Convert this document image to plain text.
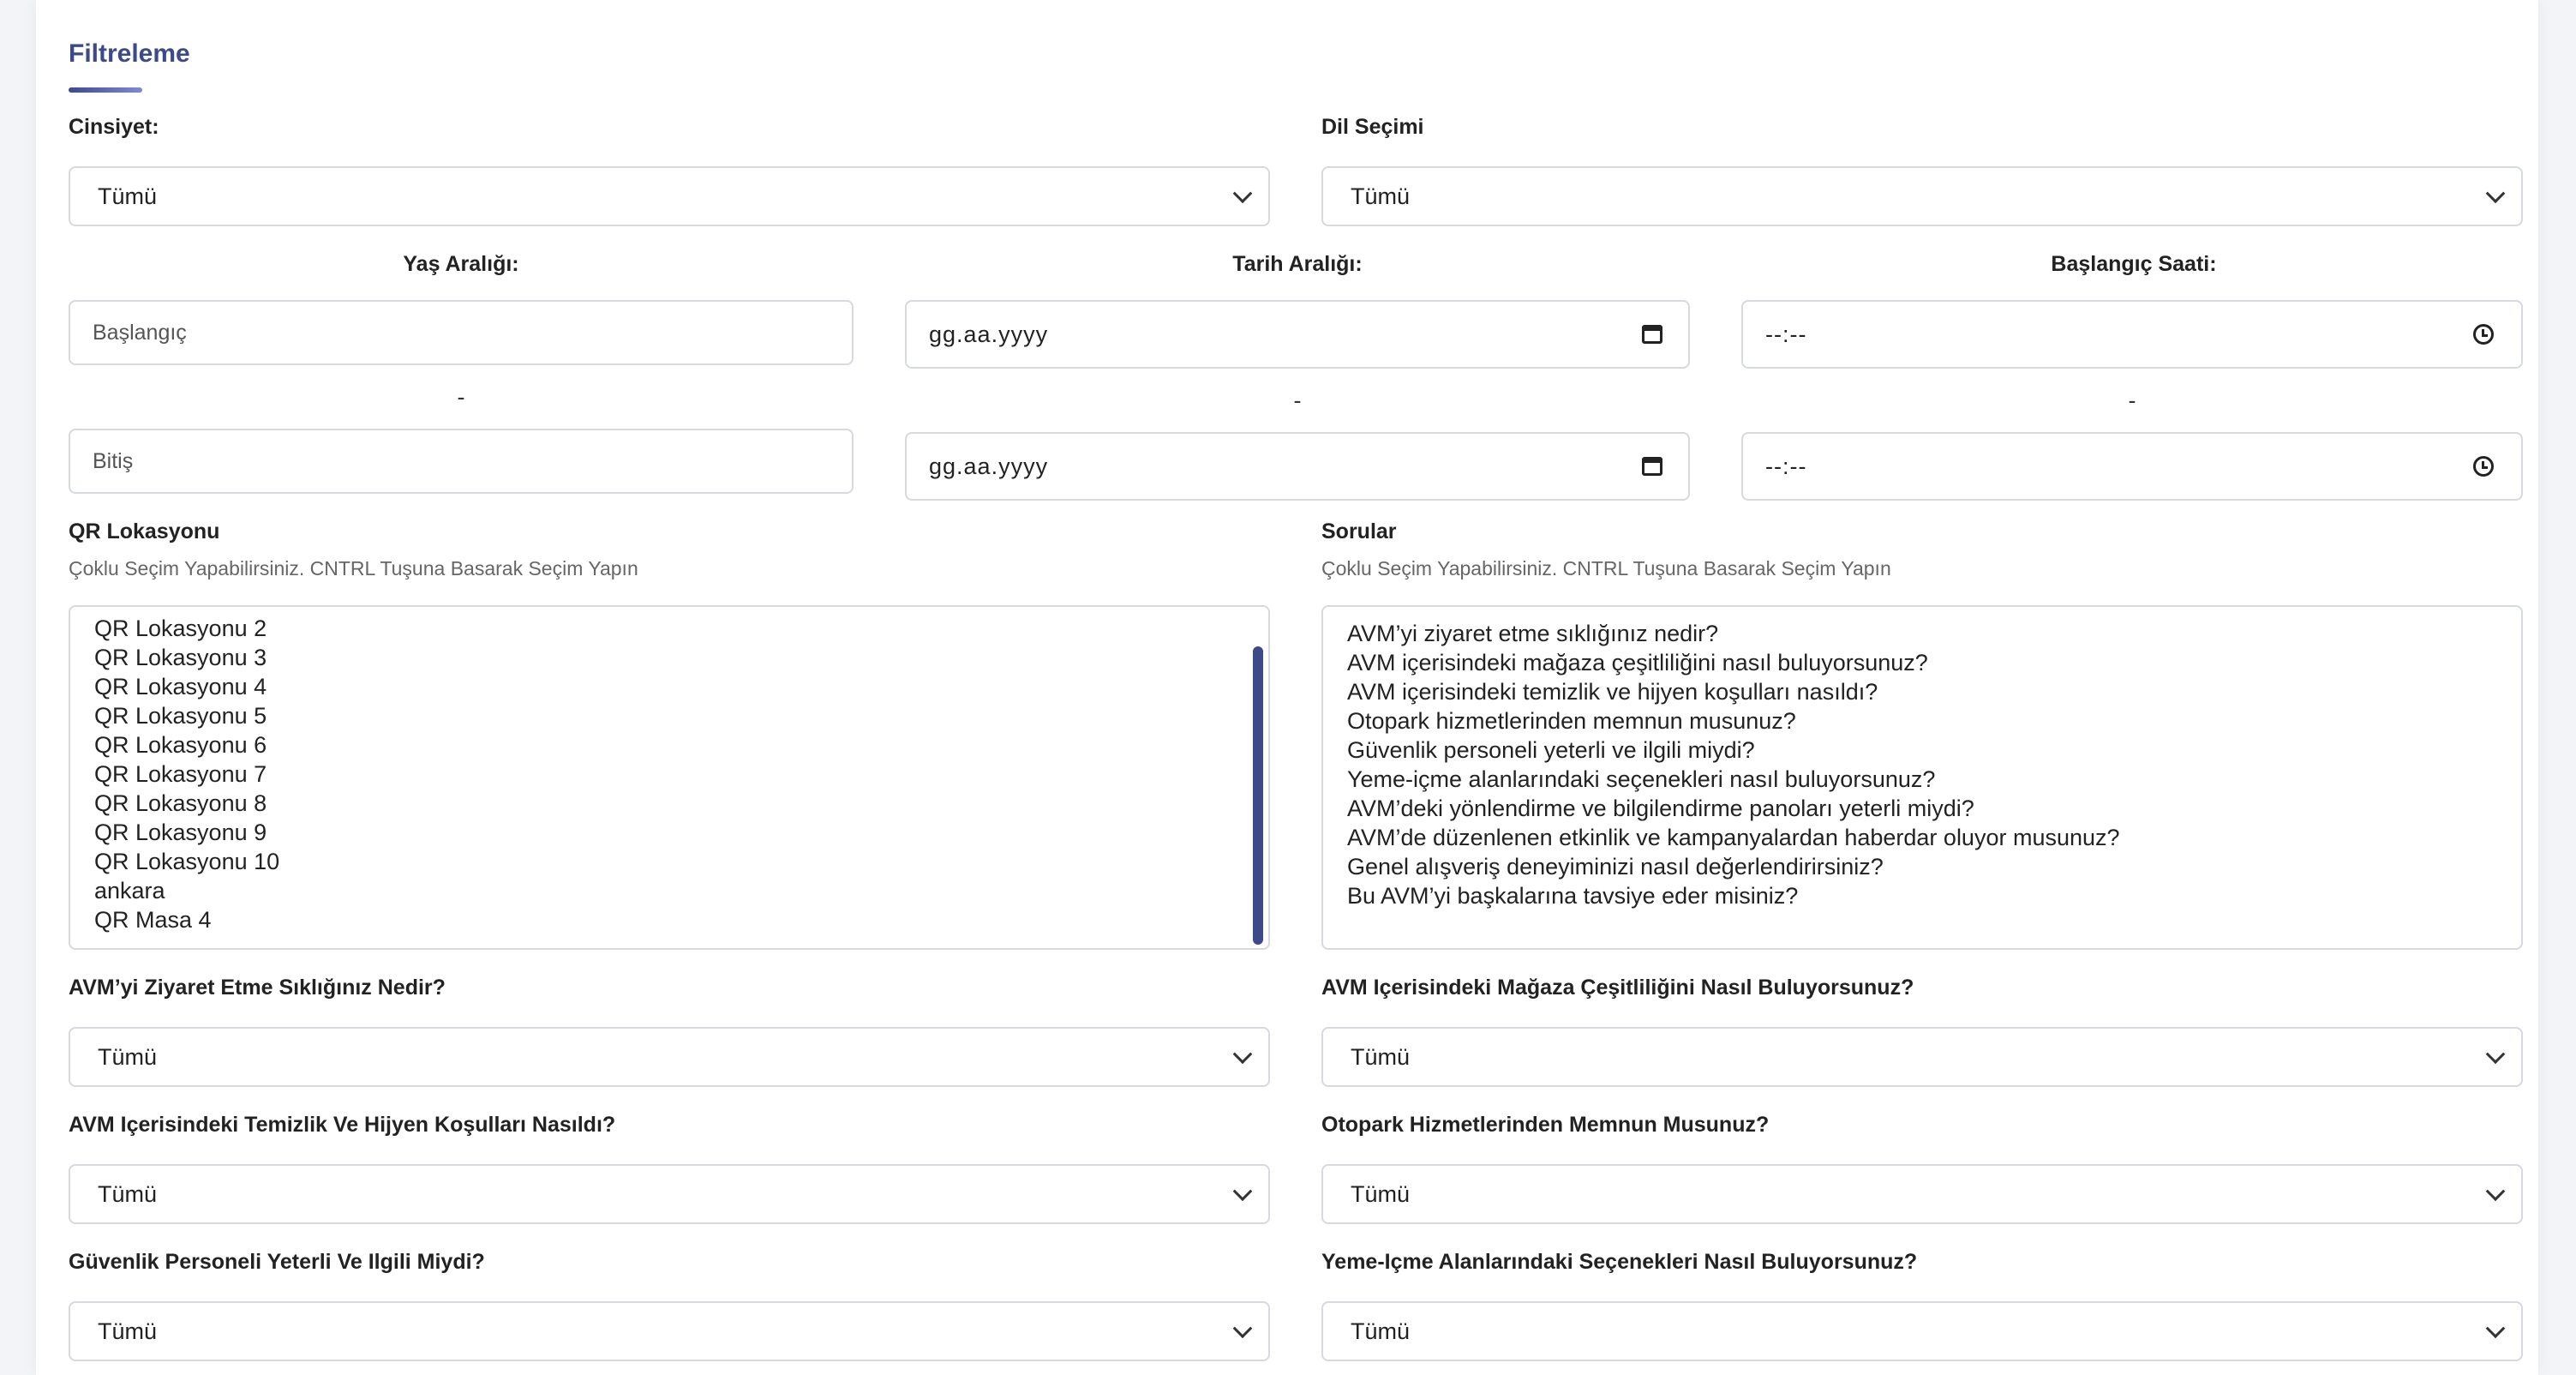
Filtreleme
Cinsiyet:
Tümü
Dil Seçimi
Tümü
Yaş Aralığı:
Başlangıç
-
Bitiş
Tarih Aralığı:
gg.aa.yyyy
-
gg.aa.yyyy
Başlangıç Saati:
--:--
-
--:--
QR Lokasyonu
Çoklu Seçim Yapabilirsiniz. CNTRL Tuşuna Basarak Seçim Yapın
QR Lokasyonu 2
QR Lokasyonu 3
QR Lokasyonu 4
QR Lokasyonu 5
QR Lokasyonu 6
QR Lokasyonu 7
QR Lokasyonu 8
QR Lokasyonu 9
QR Lokasyonu 10
ankara
QR Masa 4
Sorular
Çoklu Seçim Yapabilirsiniz. CNTRL Tuşuna Basarak Seçim Yapın
AVM’yi ziyaret etme sıklığınız nedir?
AVM içerisindeki mağaza çeşitliliğini nasıl buluyorsunuz?
AVM içerisindeki temizlik ve hijyen koşulları nasıldı?
Otopark hizmetlerinden memnun musunuz?
Güvenlik personeli yeterli ve ilgili miydi?
Yeme-içme alanlarındaki seçenekleri nasıl buluyorsunuz?
AVM’deki yönlendirme ve bilgilendirme panoları yeterli miydi?
AVM’de düzenlenen etkinlik ve kampanyalardan haberdar oluyor musunuz?
Genel alışveriş deneyiminizi nasıl değerlendirirsiniz?
Bu AVM’yi başkalarına tavsiye eder misiniz?
AVM’yi Ziyaret Etme Sıklığınız Nedir?
Tümü
AVM Içerisindeki Mağaza Çeşitliliğini Nasıl Buluyorsunuz?
Tümü
AVM Içerisindeki Temizlik Ve Hijyen Koşulları Nasıldı?
Tümü
Otopark Hizmetlerinden Memnun Musunuz?
Tümü
Güvenlik Personeli Yeterli Ve Ilgili Miydi?
Tümü
Yeme-Içme Alanlarındaki Seçenekleri Nasıl Buluyorsunuz?
Tümü
